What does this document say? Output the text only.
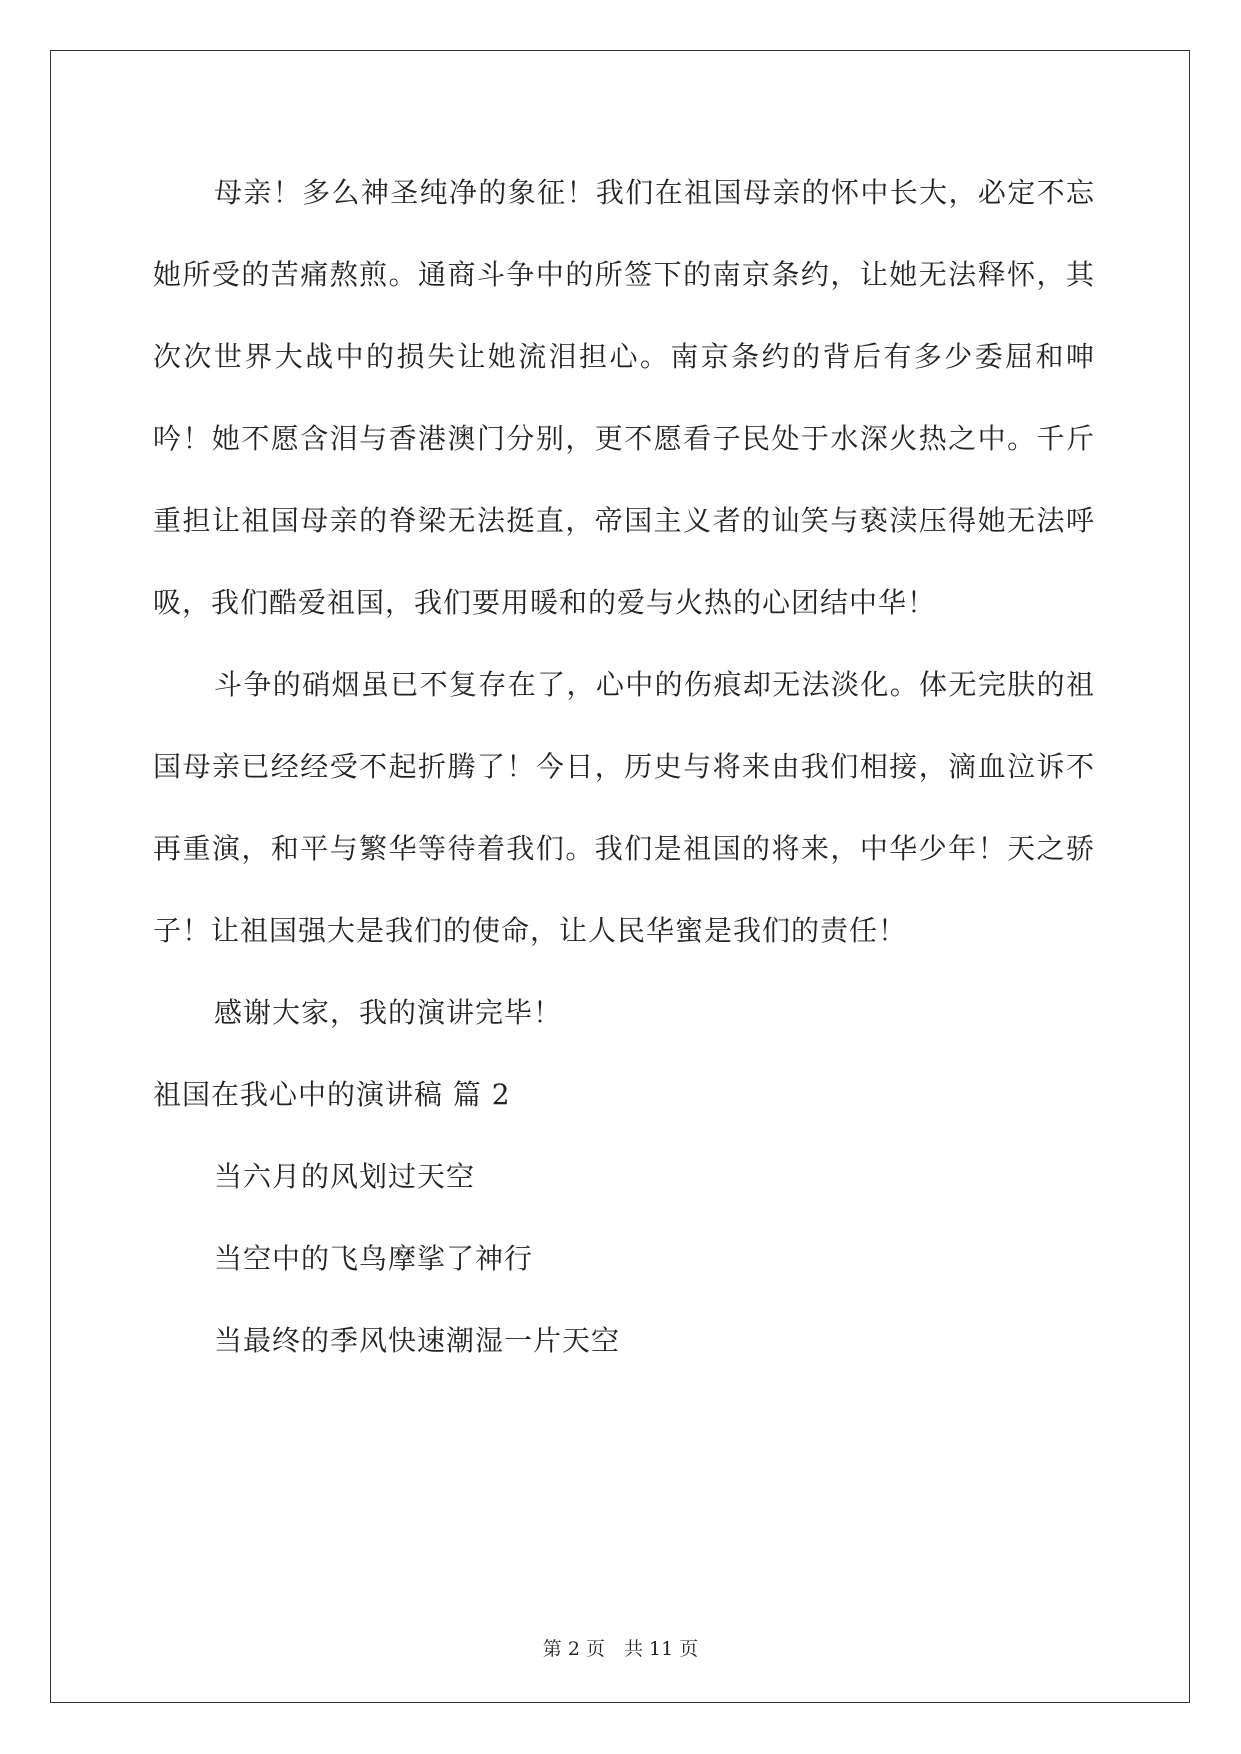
母亲！多么神圣纯净的象征！我们在祖国母亲的怀中长大，必定不忘她所受的苦痛熬煎。通商斗争中的所签下的南京条约，让她无法释怀，其次次世界大战中的损失让她流泪担心。南京条约的背后有多少委屈和呻吟！她不愿含泪与香港澳门分别，更不愿看子民处于水深火热之中。千斤重担让祖国母亲的脊梁无法挺直，帝国主义者的讪笑与亵渎压得她无法呼吸，我们酷爱祖国，我们要用暖和的爱与火热的心团结中华！

斗争的硝烟虽已不复存在了，心中的伤痕却无法淡化。体无完肤的祖国母亲已经经受不起折腾了！今日，历史与将来由我们相接，滴血泣诉不再重演，和平与繁华等待着我们。我们是祖国的将来，中华少年！天之骄子！让祖国强大是我们的使命，让人民华蜜是我们的责任！

感谢大家，我的演讲完毕！

祖国在我心中的演讲稿 篇 2

当六月的风划过天空

当空中的飞鸟摩挲了神行

当最终的季风快速潮湿一片天空

第 2 页　共 11 页
